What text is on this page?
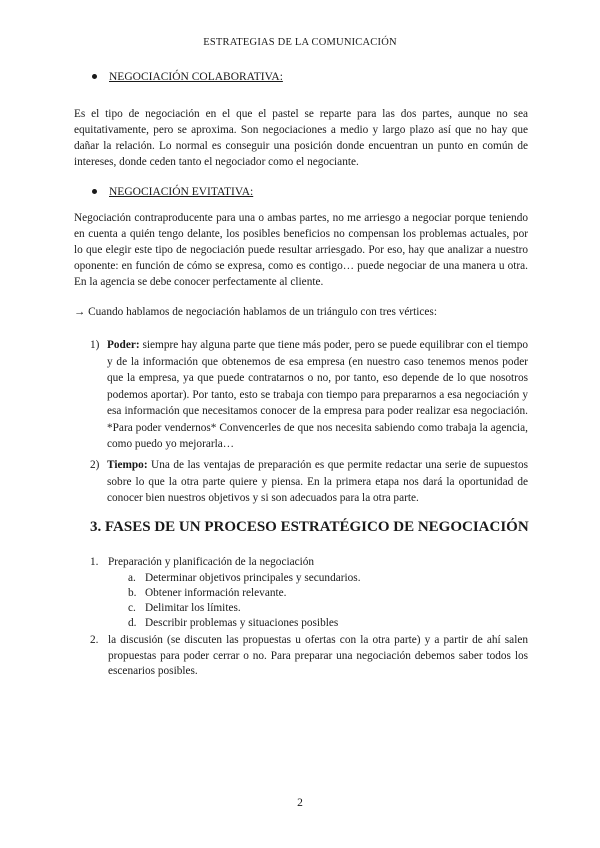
ESTRATEGIAS DE LA COMUNICACIÓN
NEGOCIACIÓN COLABORATIVA:

Es el tipo de negociación en el que el pastel se reparte para las dos partes, aunque no sea equitativamente, pero se aproxima. Son negociaciones a medio y largo plazo así que no hay que dañar la relación. Lo normal es conseguir una posición donde encuentran un punto en común de intereses, donde ceden tanto el negociador como el negociante.

NEGOCIACIÓN EVITATIVA:

Negociación contraproducente para una o ambas partes, no me arriesgo a negociar porque teniendo en cuenta a quién tengo delante, los posibles beneficios no compensan los problemas actuales, por lo que elegir este tipo de negociación puede resultar arriesgado. Por eso, hay que analizar a nuestro oponente: en función de cómo se expresa, como es contigo… puede negociar de una manera u otra. En la agencia se debe conocer perfectamente al cliente.

→ Cuando hablamos de negociación hablamos de un triángulo con tres vértices:
1) Poder: siempre hay alguna parte que tiene más poder, pero se puede equilibrar con el tiempo y de la información que obtenemos de esa empresa (en nuestro caso tenemos menos poder que la empresa, ya que puede contratarnos o no, por tanto, eso depende de lo que nosotros podemos aportar). Por tanto, esto se trabaja con tiempo para prepararnos a esa negociación y esa información que necesitamos conocer de la empresa para poder realizar esa negociación. *Para poder vendernos* Convencerles de que nos necesita sabiendo como trabaja la agencia, como puedo yo mejorarla…
2) Tiempo: Una de las ventajas de preparación es que permite redactar una serie de supuestos sobre lo que la otra parte quiere y piensa. En la primera etapa nos dará la oportunidad de conocer bien nuestros objetivos y si son adecuados para la otra parte.
3. FASES DE UN PROCESO ESTRATÉGICO DE NEGOCIACIÓN
1. Preparación y planificación de la negociación
a. Determinar objetivos principales y secundarios.
b. Obtener información relevante.
c. Delimitar los límites.
d. Describir problemas y situaciones posibles
2. la discusión (se discuten las propuestas u ofertas con la otra parte) y a partir de ahí salen propuestas para poder cerrar o no. Para preparar una negociación debemos saber todos los escenarios posibles.
2
